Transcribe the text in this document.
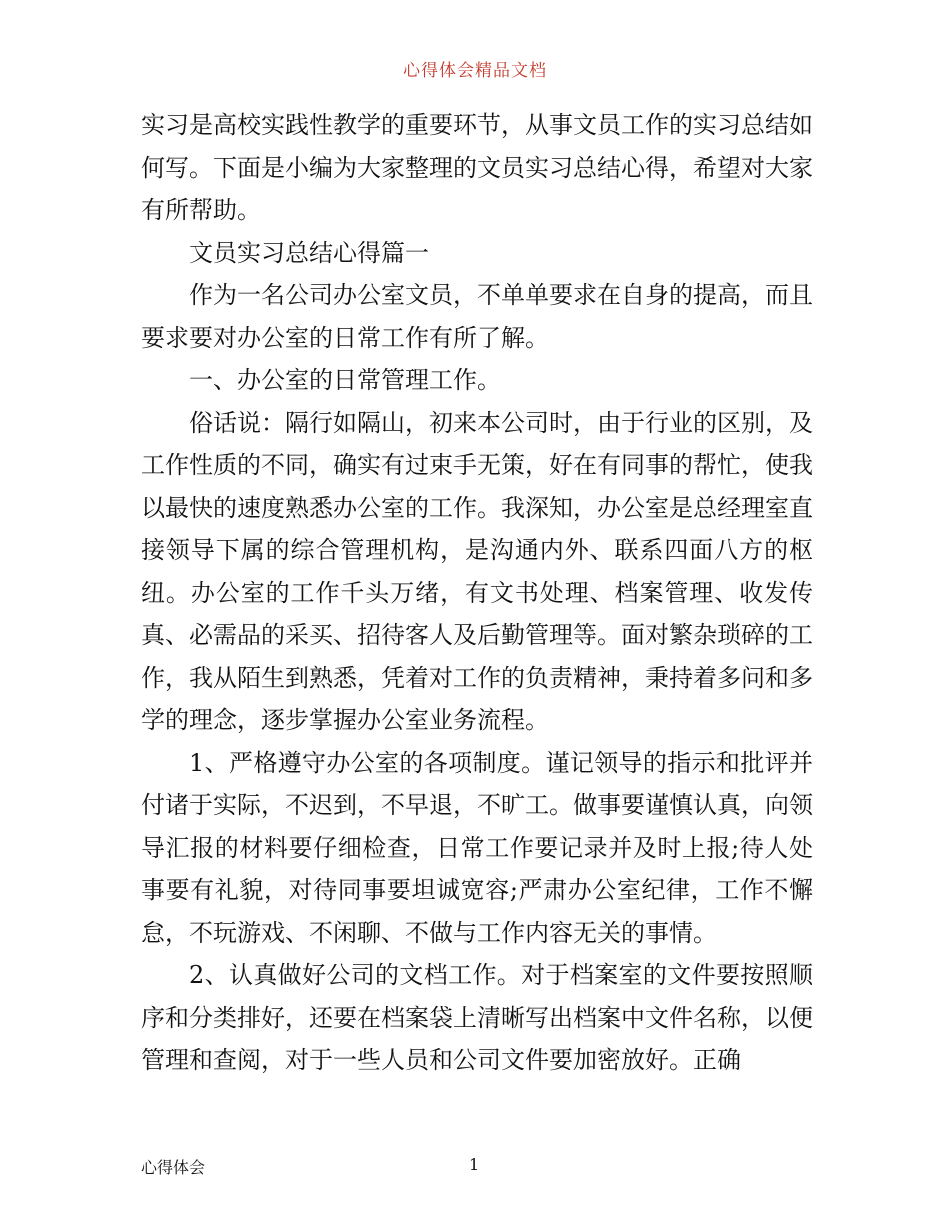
心得体会精品文档

实习是高校实践性教学的重要环节，从事文员工作的实习总结如何写。下面是小编为大家整理的文员实习总结心得，希望对大家有所帮助。

文员实习总结心得篇一

作为一名公司办公室文员，不单单要求在自身的提高，而且要求要对办公室的日常工作有所了解。

一、办公室的日常管理工作。

俗话说：隔行如隔山，初来本公司时，由于行业的区别，及工作性质的不同，确实有过束手无策，好在有同事的帮忙，使我以最快的速度熟悉办公室的工作。我深知，办公室是总经理室直接领导下属的综合管理机构，是沟通内外、联系四面八方的枢纽。办公室的工作千头万绪，有文书处理、档案管理、收发传真、必需品的采买、招待客人及后勤管理等。面对繁杂琐碎的工作，我从陌生到熟悉，凭着对工作的负责精神，秉持着多问和多学的理念，逐步掌握办公室业务流程。

1、严格遵守办公室的各项制度。谨记领导的指示和批评并付诸于实际，不迟到，不早退，不旷工。做事要谨慎认真，向领导汇报的材料要仔细检查，日常工作要记录并及时上报;待人处事要有礼貌，对待同事要坦诚宽容;严肃办公室纪律，工作不懈怠，不玩游戏、不闲聊、不做与工作内容无关的事情。

2、认真做好公司的文档工作。对于档案室的文件要按照顺序和分类排好，还要在档案袋上清晰写出档案中文件名称，以便管理和查阅，对于一些人员和公司文件要加密放好。正确

心得体会	1
